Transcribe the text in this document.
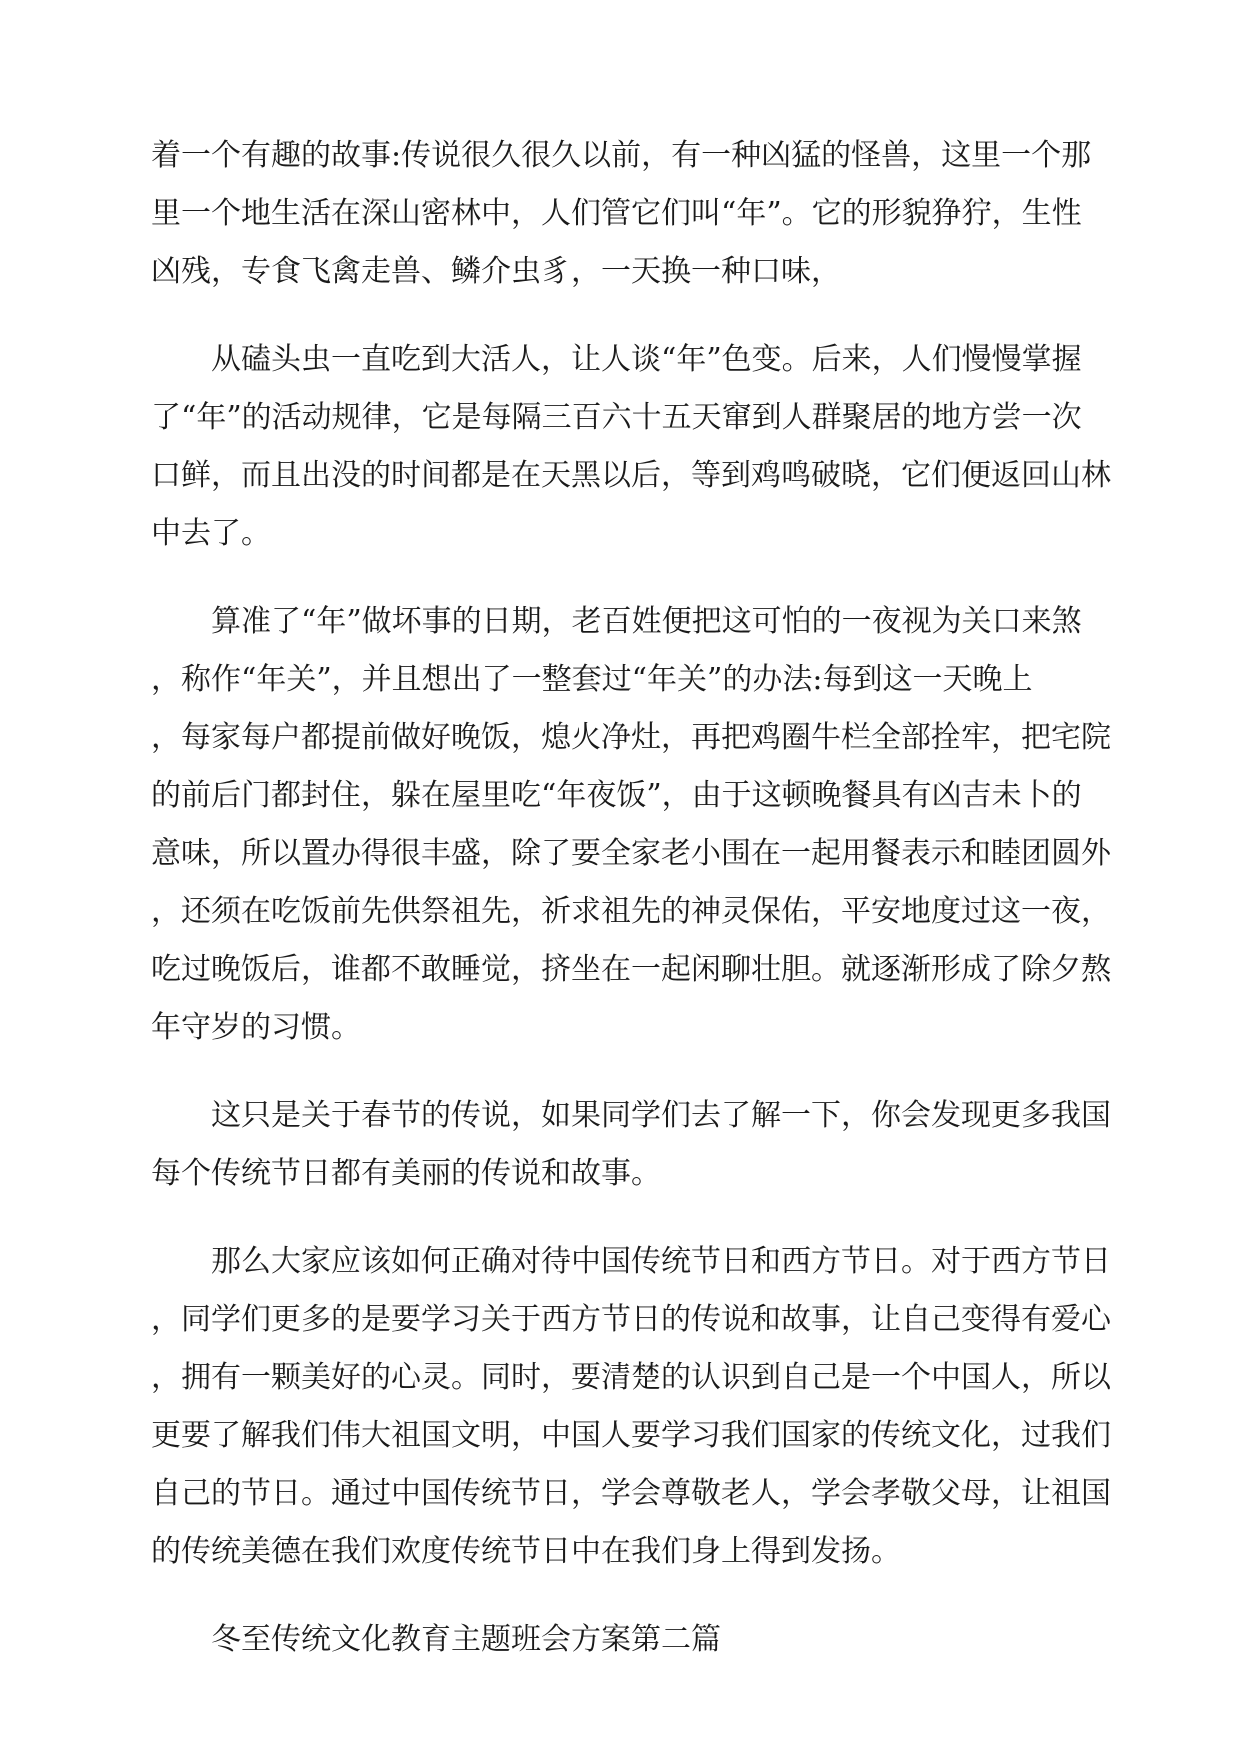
着一个有趣的故事:传说很久很久以前，有一种凶猛的怪兽，这里一个那
里一个地生活在深山密林中，人们管它们叫“年”。它的形貌狰狞，生性
凶残，专食飞禽走兽、鳞介虫豸，一天换一种口味，

　　从磕头虫一直吃到大活人，让人谈“年”色变。后来，人们慢慢掌握
了“年”的活动规律，它是每隔三百六十五天窜到人群聚居的地方尝一次
口鲜，而且出没的时间都是在天黑以后，等到鸡鸣破晓，它们便返回山林
中去了。

　　算准了“年”做坏事的日期，老百姓便把这可怕的一夜视为关口来煞
，称作“年关”，并且想出了一整套过“年关”的办法:每到这一天晚上
，每家每户都提前做好晚饭，熄火净灶，再把鸡圈牛栏全部拴牢，把宅院
的前后门都封住，躲在屋里吃“年夜饭”，由于这顿晚餐具有凶吉未卜的
意味，所以置办得很丰盛，除了要全家老小围在一起用餐表示和睦团圆外
，还须在吃饭前先供祭祖先，祈求祖先的神灵保佑，平安地度过这一夜，
吃过晚饭后，谁都不敢睡觉，挤坐在一起闲聊壮胆。就逐渐形成了除夕熬
年守岁的习惯。

　　这只是关于春节的传说，如果同学们去了解一下，你会发现更多我国
每个传统节日都有美丽的传说和故事。

　　那么大家应该如何正确对待中国传统节日和西方节日。对于西方节日
，同学们更多的是要学习关于西方节日的传说和故事，让自己变得有爱心
，拥有一颗美好的心灵。同时，要清楚的认识到自己是一个中国人，所以
更要了解我们伟大祖国文明，中国人要学习我们国家的传统文化，过我们
自己的节日。通过中国传统节日，学会尊敬老人，学会孝敬父母，让祖国
的传统美德在我们欢度传统节日中在我们身上得到发扬。

　　冬至传统文化教育主题班会方案第二篇
